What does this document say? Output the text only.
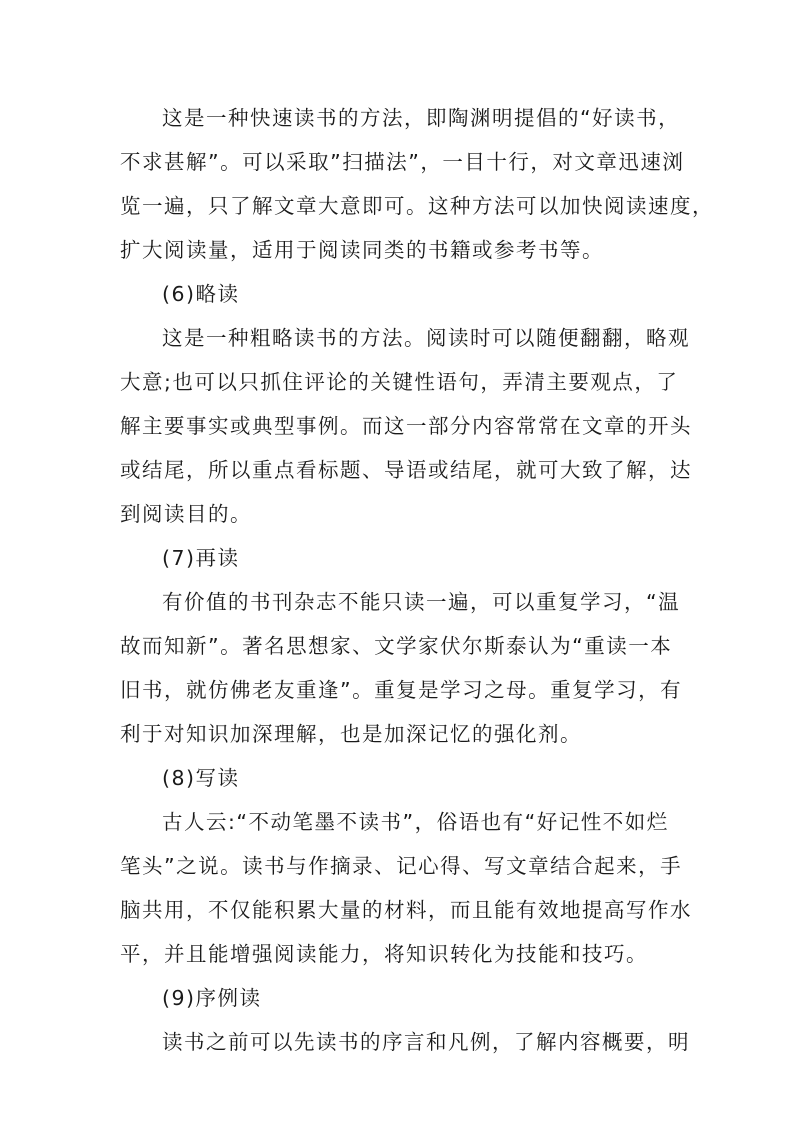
这是一种快速读书的方法，即陶渊明提倡的“好读书，
不求甚解”。可以采取”扫描法”，一目十行，对文章迅速浏
览一遍，只了解文章大意即可。这种方法可以加快阅读速度，
扩大阅读量，适用于阅读同类的书籍或参考书等。
(6)略读
这是一种粗略读书的方法。阅读时可以随便翻翻，略观
大意;也可以只抓住评论的关键性语句，弄清主要观点，了
解主要事实或典型事例。而这一部分内容常常在文章的开头
或结尾，所以重点看标题、导语或结尾，就可大致了解，达
到阅读目的。
(7)再读
有价值的书刊杂志不能只读一遍，可以重复学习，“温
故而知新”。著名思想家、文学家伏尔斯泰认为“重读一本
旧书，就仿佛老友重逢”。重复是学习之母。重复学习，有
利于对知识加深理解，也是加深记忆的强化剂。
(8)写读
古人云:“不动笔墨不读书”，俗语也有“好记性不如烂
笔头”之说。读书与作摘录、记心得、写文章结合起来，手
脑共用，不仅能积累大量的材料，而且能有效地提高写作水
平，并且能增强阅读能力，将知识转化为技能和技巧。
(9)序例读
读书之前可以先读书的序言和凡例，了解内容概要，明
